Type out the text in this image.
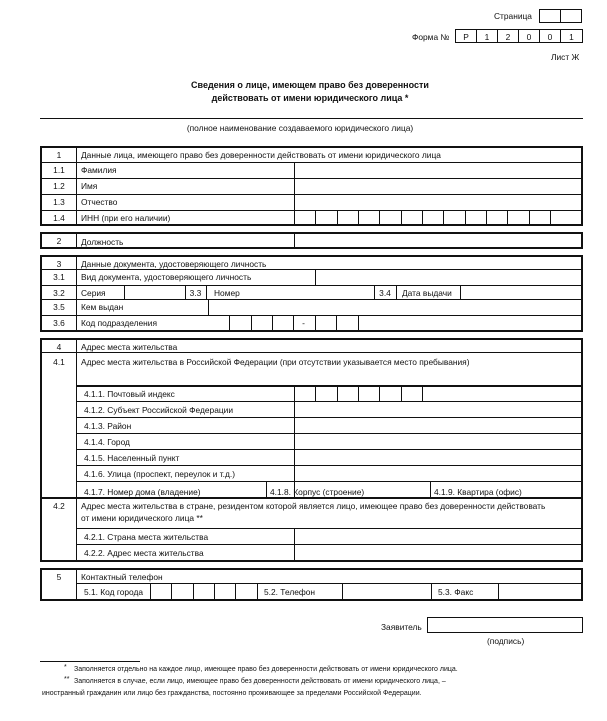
Страница
Форма №	Р	1	2	0	0	1
Лист Ж
Сведения о лице, имеющем право без доверенности
действовать от имени юридического лица *
(полное наименование создаваемого юридического лица)
1	Данные лица, имеющего право без доверенности действовать от имени юридического лица
1.1	Фамилия
1.2	Имя
1.3	Отчество
1.4	ИНН (при его наличии)
2	Должность
3	Данные документа, удостоверяющего личность
3.1	Вид документа, удостоверяющего личность
3.2	Серия	3.3	Номер	3.4	Дата выдачи
3.5	Кем выдан
3.6	Код подразделения	-
4	Адрес места жительства
4.1	Адрес места жительства в Российской Федерации (при отсутствии указывается место пребывания)
4.1.1. Почтовый индекс
4.1.2. Субъект Российской Федерации
4.1.3. Район
4.1.4. Город
4.1.5. Населенный пункт
4.1.6. Улица (проспект, переулок и т.д.)
4.1.7. Номер дома (владение)	4.1.8. Корпус (строение)	4.1.9. Квартира (офис)
4.2	Адрес места жительства в стране, резидентом которой является лицо, имеющее право без доверенности действовать
от имени юридического лица **
4.2.1. Страна места жительства
4.2.2. Адрес места жительства
5	Контактный телефон
5.1. Код города	5.2. Телефон	5.3. Факс
Заявитель
(подпись)
* Заполняется отдельно на каждое лицо, имеющее право без доверенности действовать от имени юридического лица.
** Заполняется в случае, если лицо, имеющее право без доверенности действовать от имени юридического лица, –
иностранный гражданин или лицо без гражданства, постоянно проживающее за пределами Российской Федерации.
